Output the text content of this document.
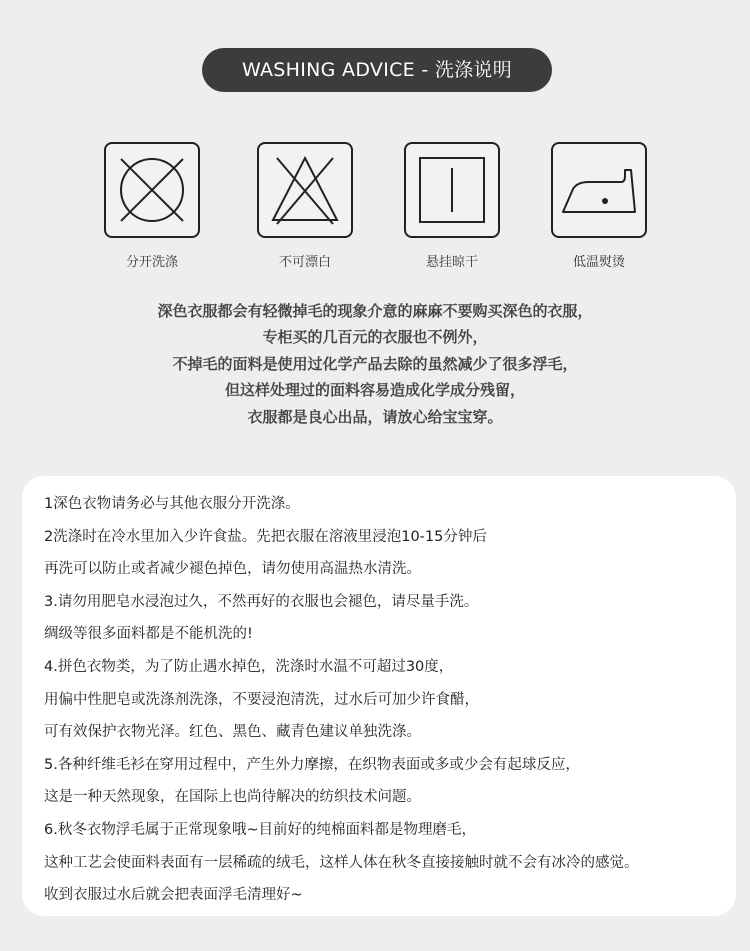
WASHING ADVICE - 洗涤说明
分开洗涤	不可漂白	悬挂晾干	低温熨烫
深色衣服都会有轻微掉毛的现象介意的麻麻不要购买深色的衣服，
专柜买的几百元的衣服也不例外，
不掉毛的面料是使用过化学产品去除的虽然减少了很多浮毛，
但这样处理过的面料容易造成化学成分残留，
衣服都是良心出品，请放心给宝宝穿。
1深色衣物请务必与其他衣服分开洗涤。
2洗涤时在冷水里加入少许食盐。先把衣服在溶液里浸泡10-15分钟后
再洗可以防止或者减少褪色掉色，请勿使用高温热水清洗。
3.请勿用肥皂水浸泡过久，不然再好的衣服也会褪色，请尽量手洗。
绸级等很多面料都是不能机洗的!
4.拼色衣物类，为了防止遇水掉色，洗涤时水温不可超过30度，
用偏中性肥皂或洗涤剂洗涤，不要浸泡清洗，过水后可加少许食醋，
可有效保护衣物光泽。红色、黑色、藏青色建议单独洗涤。
5.各种纤维毛衫在穿用过程中，产生外力摩擦，在织物表面或多或少会有起球反应，
这是一种天然现象，在国际上也尚待解决的纺织技术问题。
6.秋冬衣物浮毛属于正常现象哦~目前好的纯棉面料都是物理磨毛，
这种工艺会使面料表面有一层稀疏的绒毛，这样人体在秋冬直接接触时就不会有冰冷的感觉。
收到衣服过水后就会把表面浮毛清理好~
